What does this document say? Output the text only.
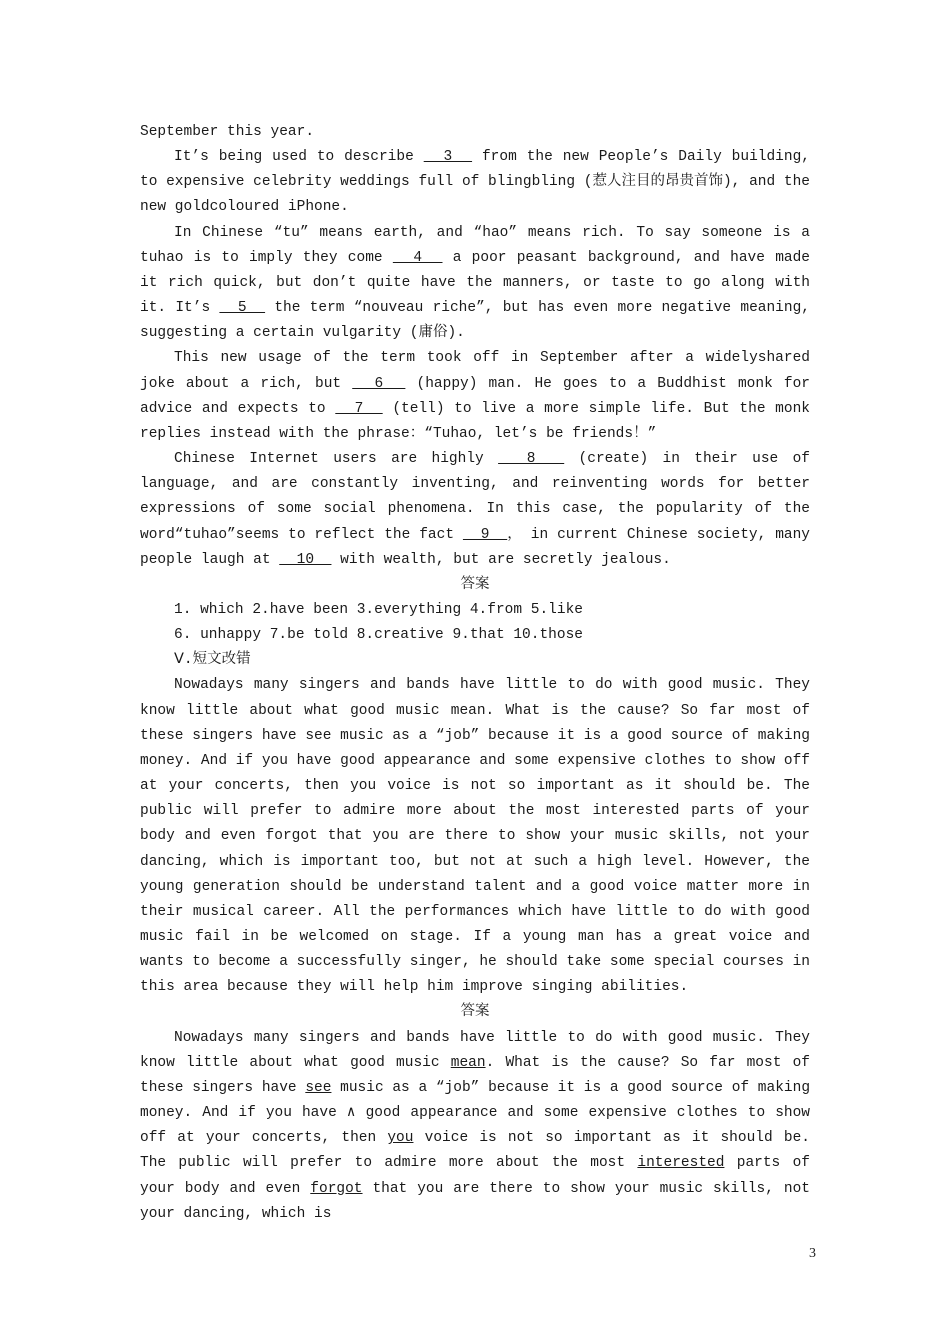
September this year.

It’s being used to describe   3   from the new People’s Daily building, to expensive celebrity weddings full of blingbling (惹人注目的昂贵首饰), and the new goldcoloured iPhone.

In Chinese “tu” means earth, and “hao” means rich. To say someone is a tuhao is to imply they come   4   a poor peasant background, and have made it rich quick, but don’t quite have the manners, or taste to go along with it. It’s   5   the term “nouveau riche”, but has even more negative meaning, suggesting a certain vulgarity (庸俗).

This new usage of the term took off in September after a widelyshared joke about a rich, but   6   (happy) man. He goes to a Buddhist monk for advice and expects to   7   (tell) to live a more simple life. But the monk replies instead with the phrase：“Tuhao, let’s be friends！”

Chinese Internet users are highly   8   (create) in their use of language, and are constantly inventing, and reinventing words for better expressions of some social phenomena. In this case, the popularity of the word“tuhao”seems to reflect the fact   9  ， in current Chinese society, many people laugh at   10   with wealth, but are secretly jealous.

答案

1. which 2.have been 3.everything 4.from 5.like

6. unhappy 7.be told 8.creative 9.that 10.those

Ⅴ.短文改错

Nowadays many singers and bands have little to do with good music. They know little about what good music mean. What is the cause? So far most of these singers have see music as a “job” because it is a good source of making money. And if you have good appearance and some expensive clothes to show off at your concerts, then you voice is not so important as it should be. The public will prefer to admire more about the most interested parts of your body and even forgot that you are there to show your music skills, not your dancing, which is important too, but not at such a high level. However, the young generation should be understand talent and a good voice matter more in their musical career. All the performances which have little to do with good music fail in be welcomed on stage. If a young man has a great voice and wants to become a successfully singer, he should take some special courses in this area because they will help him improve singing abilities.

答案

Nowadays many singers and bands have little to do with good music. They know little about what good music mean. What is the cause? So far most of these singers have see music as a “job” because it is a good source of making money. And if you have ∧ good appearance and some expensive clothes to show off at your concerts, then you voice is not so important as it should be. The public will prefer to admire more about the most interested parts of your body and even forgot that you are there to show your music skills, not your dancing, which is

3
